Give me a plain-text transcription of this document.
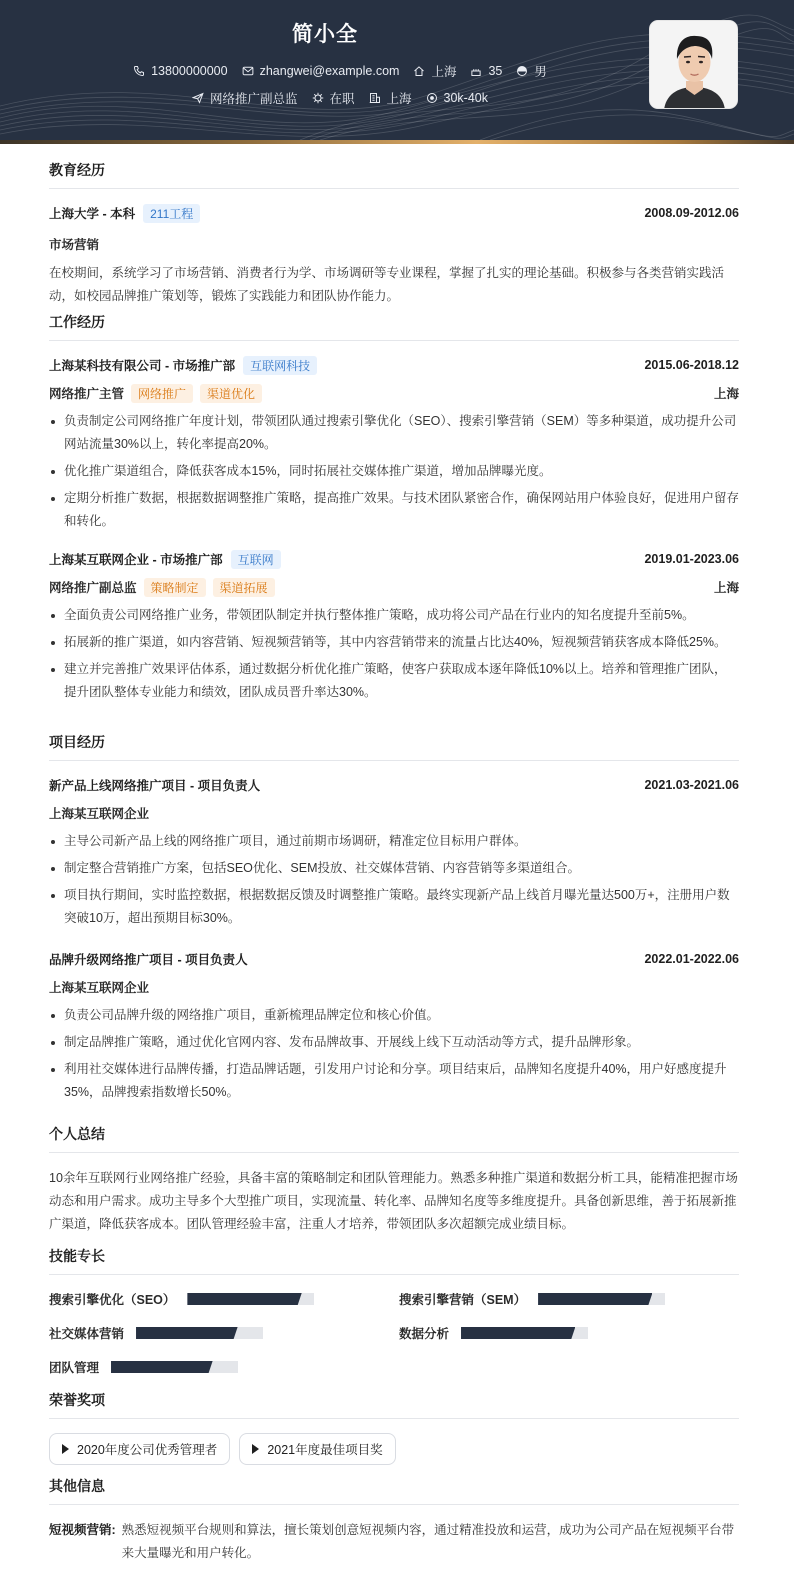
简小全
13800000000	zhangwei@example.com	上海	35	男
网络推广副总监	在职	上海	30k-40k
教育经历
上海大学 - 本科	211工程	2008.09-2012.06
市场营销
在校期间，系统学习了市场营销、消费者行为学、市场调研等专业课程，掌握了扎实的理论基础。积极参与各类营销实践活动，如校园品牌推广策划等，锻炼了实践能力和团队协作能力。
工作经历
上海某科技有限公司 - 市场推广部	互联网科技	2015.06-2018.12
网络推广主管	网络推广	渠道优化	上海
负责制定公司网络推广年度计划，带领团队通过搜索引擎优化（SEO）、搜索引擎营销（SEM）等多种渠道，成功提升公司网站流量30%以上，转化率提高20%。
优化推广渠道组合，降低获客成本15%，同时拓展社交媒体推广渠道，增加品牌曝光度。
定期分析推广数据，根据数据调整推广策略，提高推广效果。与技术团队紧密合作，确保网站用户体验良好，促进用户留存和转化。
上海某互联网企业 - 市场推广部	互联网	2019.01-2023.06
网络推广副总监	策略制定	渠道拓展	上海
全面负责公司网络推广业务，带领团队制定并执行整体推广策略，成功将公司产品在行业内的知名度提升至前5%。
拓展新的推广渠道，如内容营销、短视频营销等，其中内容营销带来的流量占比达40%，短视频营销获客成本降低25%。
建立并完善推广效果评估体系，通过数据分析优化推广策略，使客户获取成本逐年降低10%以上。培养和管理推广团队，提升团队整体专业能力和绩效，团队成员晋升率达30%。
项目经历
新产品上线网络推广项目 - 项目负责人	2021.03-2021.06
上海某互联网企业
主导公司新产品上线的网络推广项目，通过前期市场调研，精准定位目标用户群体。
制定整合营销推广方案，包括SEO优化、SEM投放、社交媒体营销、内容营销等多渠道组合。
项目执行期间，实时监控数据，根据数据反馈及时调整推广策略。最终实现新产品上线首月曝光量达500万+，注册用户数突破10万，超出预期目标30%。
品牌升级网络推广项目 - 项目负责人	2022.01-2022.06
上海某互联网企业
负责公司品牌升级的网络推广项目，重新梳理品牌定位和核心价值。
制定品牌推广策略，通过优化官网内容、发布品牌故事、开展线上线下互动活动等方式，提升品牌形象。
利用社交媒体进行品牌传播，打造品牌话题，引发用户讨论和分享。项目结束后，品牌知名度提升40%，用户好感度提升35%，品牌搜索指数增长50%。
个人总结
10余年互联网行业网络推广经验，具备丰富的策略制定和团队管理能力。熟悉多种推广渠道和数据分析工具，能精准把握市场动态和用户需求。成功主导多个大型推广项目，实现流量、转化率、品牌知名度等多维度提升。具备创新思维，善于拓展新推广渠道，降低获客成本。团队管理经验丰富，注重人才培养，带领团队多次超额完成业绩目标。
技能专长
搜索引擎优化（SEO）	搜索引擎营销（SEM）
社交媒体营销	数据分析
团队管理
荣誉奖项
2020年度公司优秀管理者	2021年度最佳项目奖
其他信息
短视频营销: 熟悉短视频平台规则和算法，擅长策划创意短视频内容，通过精准投放和运营，成功为公司产品在短视频平台带来大量曝光和用户转化。
